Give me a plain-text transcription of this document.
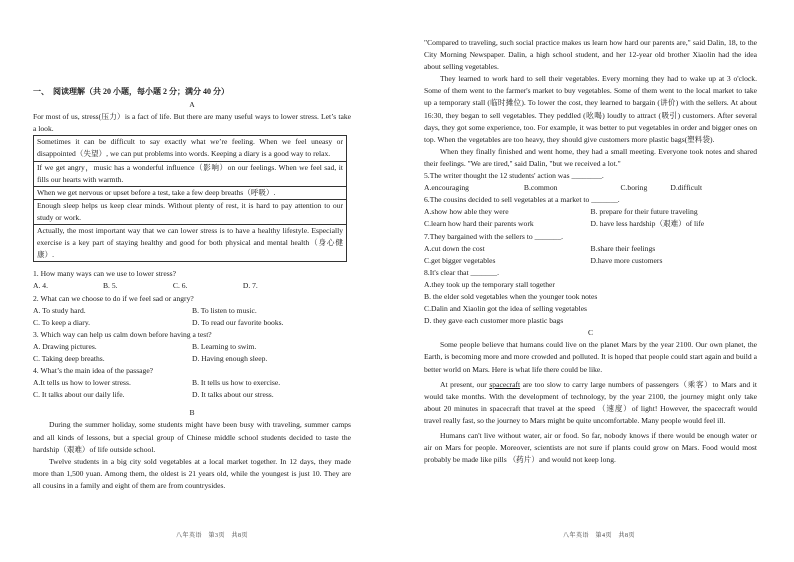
一、　阅读理解（共 20 小题，每小题 2 分；满分 40 分）

A

For most of us, stress(压力）is a fact of life. But there are many useful ways to lower stress. Let’s take a look.

Sometimes it can be difficult to say exactly what we’re feeling. When we feel uneasy or disappointed（失望）, we can put problems into words. Keeping a diary is a good way to relax.
If we get angry，music has a wonderful influence（影响）on our feelings. When we feel sad, it fills our hearts with warmth.
When we get nervous or upset before a test, take a few deep breaths（呼吸）.
Enough sleep helps us keep clear minds. Without plenty of rest, it is hard to pay attention to our study or work.
Actually, the most important way that we can lower stress is to have a healthy lifestyle. Especially exercise is a key part of staying healthy and good for both physical and mental health（身心健康）.

1. How many ways can we use to lower stress?

A. 4.	B. 5.	C. 6.	D. 7.

2. What can we choose to do if we feel sad or angry?

A. To study hard.	B. To listen to music.
C. To keep a diary.	D. To read our favorite books.

3. Which way can help us calm down before having a test?

A. Drawing pictures.	B. Learning to swim.
C. Taking deep breaths.	D. Having enough sleep.

4. What’s the main idea of the passage?

A.It tells us how to lower stress.	B. It tells us how to exercise.
C. It talks about our daily life.	D. It talks about our stress.

B

During the summer holiday, some students might have been busy with traveling, summer camps and all kinds of lessons, but a special group of Chinese middle school students decided to taste the hardship（艰难）of life outside school.

Twelve students in a big city sold vegetables at a local market together. In 12 days, they made more than 1,500 yuan. Among them, the oldest is 21 years old, while the youngest is just 10. They are all cousins in a family and eight of them are from countrysides.

八年英语　第3页　共8页

"Compared to traveling, such social practice makes us learn how hard our parents are," said Dalin, 18, to the City Morning Newspaper. Dalin, a high school student, and her 12-year old brother Xiaolin had the idea about selling vegetables.

They learned to work hard to sell their vegetables. Every morning they had to wake up at 3 o'clock. Some of them went to the farmer's market to buy vegetables. Some of them went to the local market to take up a temporary stall (临时摊位). To lower the cost, they learned to bargain (讲价) with the sellers. At about 16:30, they began to sell vegetables. They peddled (吆喝) loudly to attract (吸引) customers. After several days, they got some experience, too. For example, it was better to put vegetables in order and bigger ones on top. When the vegetables are too heavy, they should give customers more plastic bags(塑料袋).

When they finally finished and went home, they had a small meeting. Everyone took notes and shared their feelings. "We are tired," said Dalin, "but we received a lot."

5.The writer thought the 12 students' action was ________.

A.encouraging	B.common	C.boring	D.difficult

6.The cousins decided to sell vegetables at a market to _______.

A.show how able they were	B. prepare for their future traveling
C.learn how hard their parents work	D. have less hardship（艰难）of life

7.They bargained with the sellers to _______.

A.cut down the cost	B.share their feelings
C.get bigger vegetables	D.have more customers

8.It's clear that _______.

A.they took up the temporary stall together

B. the elder sold vegetables when the younger took notes

C.Dalin and Xiaolin got the idea of selling vegetables

D. they gave each customer more plastic bags

C

Some people believe that humans could live on the planet Mars by the year 2100. Our own planet, the Earth, is becoming more and more crowded and polluted. It is hoped that people could start again and build a better world on Mars. Here is what life there could be like.

At present, our spacecraft are too slow to carry large numbers of passengers（乘客）to Mars and it would take months. With the development of technology, by the year 2100, the journey might only take about 20 minutes in spacecraft that travel at the speed （速度）of light! However, the spacecraft would travel really fast, so the journey to Mars might be quite uncomfortable. Many people would feel ill.

Humans can't live without water, air or food. So far, nobody knows if there would be enough water or air on Mars for people. Moreover, scientists are not sure if plants could grow on Mars. Food would most probably be made like pills （药片）and would not keep long.

八年英语　第4页　共8页
